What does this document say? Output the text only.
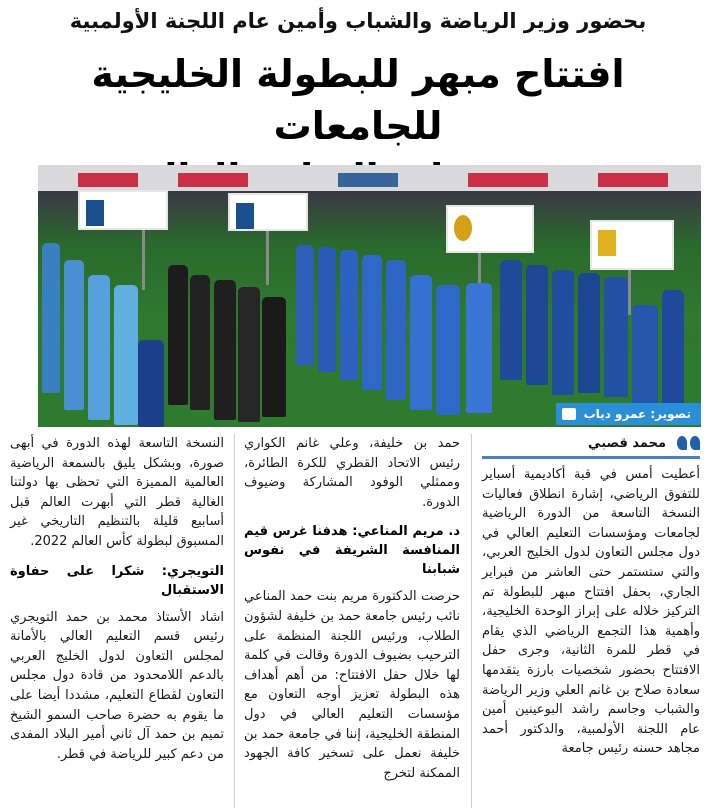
بحضور وزير الرياضة والشباب وأمين عام اللجنة الأولمبية
افتتاح مبهر للبطولة الخليجية للجامعات
تصوير: عمرو دياب
محمد قصبي

أعطيت أمس في قبة أكاديمية أسباير للتفوق الرياضي، إشارة انطلاق فعاليات النسخة التاسعة من الدورة الرياضية لجامعات ومؤسسات التعليم العالي في دول مجلس التعاون لدول الخليج العربي، والتي ستستمر حتى العاشر من فبراير الجاري، بحفل افتتاح مبهر للبطولة تم التركيز خلاله على إبراز الوحدة الخليجية، وأهمية هذا التجمع الرياضي الذي يقام في قطر للمرة الثانية، وجرى حفل الافتتاح بحضور شخصيات بارزة يتقدمها سعادة صلاح بن غانم العلي وزير الرياضة والشباب وجاسم راشد البوعينين أمين عام اللجنة الأولمبية، والدكتور أحمد مجاهد حسنه رئيس جامعة

حمد بن خليفة، وعلي غانم الكواري رئيس الاتحاد القطري للكرة الطائرة، وممثلي الوفود المشاركة وضيوف الدورة.

د. مريم المناعي: هدفنا غرس قيم المنافسة الشريفة في نفوس شبابنا

حرصت الدكتورة مريم بنت حمد المناعي نائب رئيس جامعة حمد بن خليفة لشؤون الطلاب، ورئيس اللجنة المنظمة على الترحيب بضيوف الدورة وقالت في كلمة لها خلال حفل الافتتاح: من أهم أهداف هذه البطولة تعزيز أوجه التعاون مع مؤسسات التعليم العالي في دول المنطقة الخليجية، إننا في جامعة حمد بن خليفة نعمل على تسخير كافة الجهود الممكنة لتخرج

النسخة التاسعة لهذه الدورة في أبهى صورة، وبشكل يليق بالسمعة الرياضية العالمية المميزة التي تحظى بها دولتنا الغالية قطر التي أبهرت العالم قبل أسابيع قليلة بالتنظيم التاريخي غير المسبوق لبطولة كأس العالم 2022.

التويجري: شكرا على حفاوة الاستقبال

اشاد الأستاذ محمد بن حمد التويجري رئيس قسم التعليم العالي بالأمانة لمجلس التعاون لدول الخليج العربي بالدعم اللامحدود من قادة دول مجلس التعاون لقطاع التعليم، مشددا أيضا على ما يقوم به حضرة صاحب السمو الشيخ تميم بن حمد آل ثاني أمير البلاد المفدى من دعم كبير للرياضة في قطر.
